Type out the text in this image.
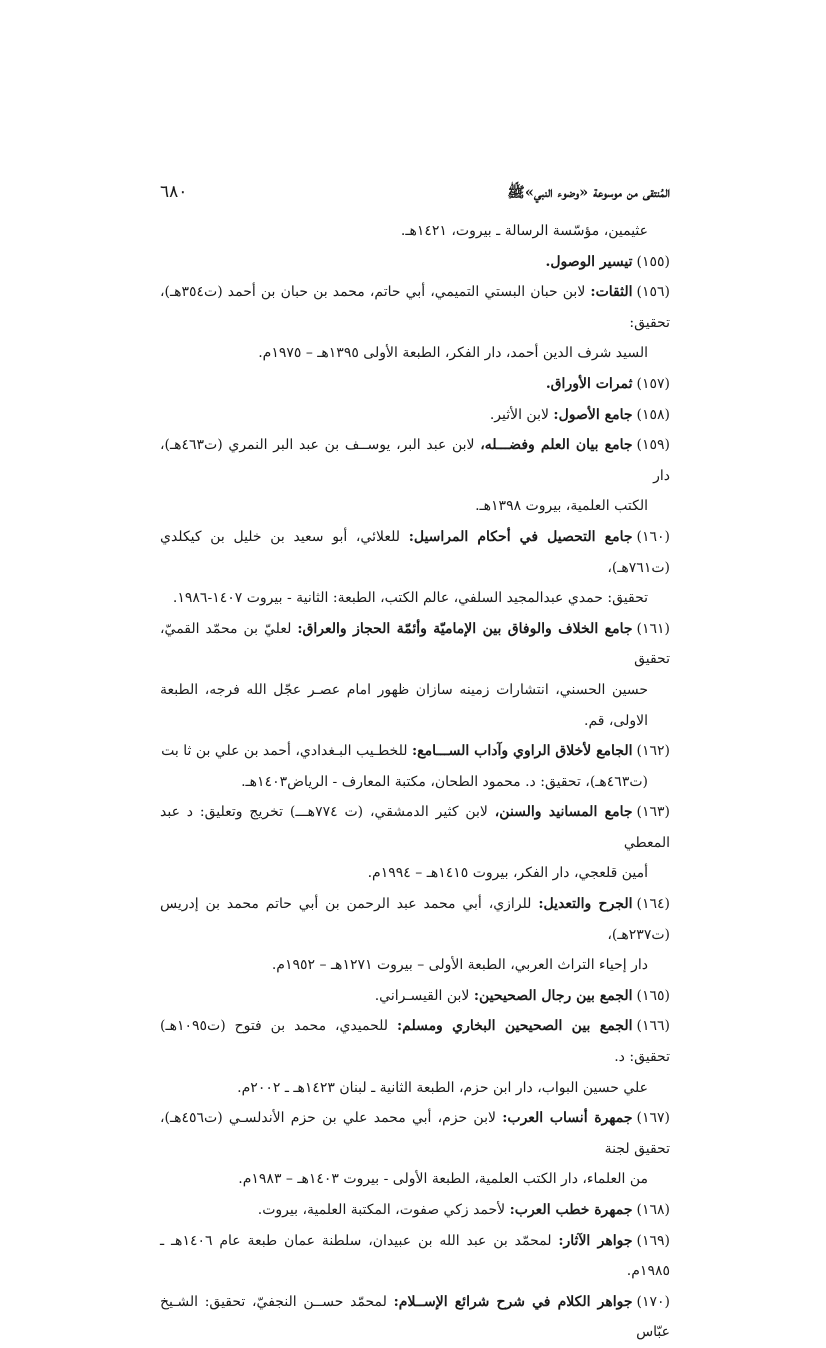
المُنتقى من موسوعة «وضوء النبي»ﷺ
٦٨٠

عثيمين، مؤسّسة الرسالة ـ بيروت، ١٤٢١هـ.

(١٥٥)تيسير الوصول.
(١٥٦)الثقات: لابن حبان البستي التميمي، أبي حاتم، محمد بن حبان بن أحمد (ت٣٥٤هـ)، تحقيق:
السيد شرف الدين أحمد، دار الفكر، الطبعة الأولى ١٣٩٥هـ – ١٩٧٥م.
(١٥٧)ثمرات الأوراق.
(١٥٨)جامع الأصول: لابن الأثير.
(١٥٩)جامع بيان العلم وفضـــله، لابن عبد البر، يوســف بن عبد البر النمري (ت٤٦٣هـ)، دار
الكتب العلمية، بيروت ١٣٩٨هـ.
(١٦٠)جامع التحصيل في أحكام المراسيل: للعلائي، أبو سعيد بن خليل بن كيكلدي (ت٧٦١هـ)،
تحقيق: حمدي عبدالمجيد السلفي، عالم الكتب، الطبعة: الثانية - بيروت ١٤٠٧-١٩٨٦.
(١٦١)جامع الخلاف والوفاق بين الإماميّة وأئمّة الحجاز والعراق: لعليّ بن محمّد القميّ، تحقيق
حسين الحسني، انتشارات زمينه سازان ظهور امام عصـر عجّل الله فرجه، الطبعة الاولى، قم.
(١٦٢)الجامع لأخلاق الراوي وآداب الســـامع: للخطـيب البـغدادي، أحمد بن علي بن ثا بت
(ت٤٦٣هـ)، تحقيق: د. محمود الطحان، مكتبة المعارف - الرياض١٤٠٣هـ.
(١٦٣)جامع المسانيد والسنن، لابن كثير الدمشقي، (ت ٧٧٤هـــ) تخريج وتعليق: د عبد المعطي
أمين قلعجي، دار الفكر، بيروت ١٤١٥هـ – ١٩٩٤م.
(١٦٤)الجرح والتعديل: للرازي، أبي محمد عبد الرحمن بن أبي حاتم محمد بن إدريس (ت٢٣٧هـ)،
دار إحياء التراث العربي، الطبعة الأولى – بيروت ١٢٧١هـ – ١٩٥٢م.
(١٦٥)الجمع بين رجال الصحيحين: لابن القيسـراني.
(١٦٦)الجمع بين الصحيحين البخاري ومسلم: للحميدي، محمد بن فتوح (ت١٠٩٥هـ) تحقيق: د.
علي حسين البواب، دار ابن حزم، الطبعة الثانية ـ لبنان ١٤٢٣هـ ـ ٢٠٠٢م.
(١٦٧)جمهرة أنساب العرب: لابن حزم، أبي محمد علي بن حزم الأندلسـي (ت٤٥٦هـ)، تحقيق لجنة
من العلماء، دار الكتب العلمية، الطبعة الأولى - بيروت ١٤٠٣هـ – ١٩٨٣م.
(١٦٨)جمهرة خطب العرب: لأحمد زكي صفوت، المكتبة العلمية، بيروت.
(١٦٩)جواهر الآثار: لمحمّد بن عبد الله بن عبيدان، سلطنة عمان طبعة عام ١٤٠٦هـ ـ ١٩٨٥م.
(١٧٠)جواهر الكلام في شرح شرائع الإســلام: لمحمّد حســن النجفيّ، تحقيق: الشـيخ عبّاس
